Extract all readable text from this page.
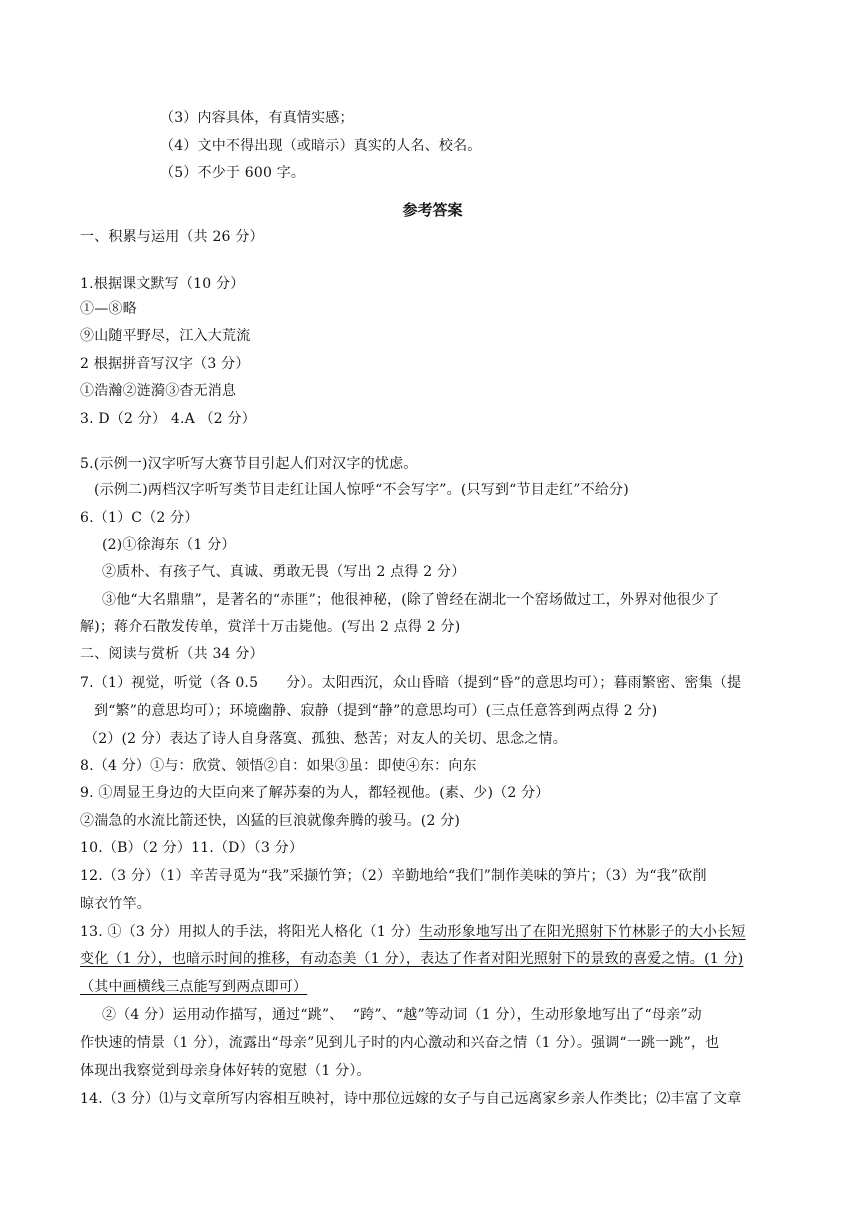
（3）内容具体，有真情实感；
（4）文中不得出现（或暗示）真实的人名、校名。
（5）不少于 600 字。
参考答案
一、积累与运用（共 26 分）
1.根据课文默写（10 分）
①—⑧略
⑨山随平野尽，江入大荒流
2 根据拼音写汉字（3 分）
①浩瀚②涟漪③杳无消息
3. D（2 分） 4.A （2 分）
5.(示例一)汉字听写大赛节目引起人们对汉字的忧虑。
(示例二)两档汉字听写类节目走红让国人惊呼“不会写字”。(只写到“节目走红”不给分)
6.（1）C（2 分）
(2)①徐海东（1 分）
②质朴、有孩子气、真诚、勇敢无畏（写出 2 点得 2 分）
③他“大名鼎鼎”，是著名的“赤匪”；他很神秘，(除了曾经在湖北一个窑场做过工，外界对他很少了
解)；蒋介石散发传单，赏洋十万击毙他。(写出 2 点得 2 分)
二、阅读与赏析（共 34 分）
7.（1）视觉，听觉（各 0.5      分）。太阳西沉，众山昏暗（提到“昏”的意思均可）；暮雨繁密、密集（提
到“繁”的意思均可）；环境幽静、寂静（提到“静”的意思均可）(三点任意答到两点得 2 分)
（2）(2 分）表达了诗人自身落寞、孤独、愁苦；对友人的关切、思念之情。
8.（4 分）①与：欣赏、领悟②自：如果③虽：即使④东：向东
9. ①周显王身边的大臣向来了解苏秦的为人，都轻视他。(素、少)（2 分）
②湍急的水流比箭还快，凶猛的巨浪就像奔腾的骏马。(2 分)
10.（B）（2 分）11.（D）（3 分）
12.（3 分）（1）辛苦寻觅为“我”采撷竹笋；（2）辛勤地给“我们”制作美味的笋片；（3）为“我”砍削
晾衣竹竿。
13. ①（3 分）用拟人的手法，将阳光人格化（1 分）生动形象地写出了在阳光照射下竹林影子的大小长短
变化（1 分），也暗示时间的推移，有动态美（1 分），表达了作者对阳光照射下的景致的喜爱之情。(1 分)
（其中画横线三点能写到两点即可）
②（4 分）运用动作描写，通过“跳”、  “跨”、“越”等动词（1 分），生动形象地写出了“母亲”动
作快速的情景（1 分），流露出“母亲”见到儿子时的内心激动和兴奋之情（1 分）。强调“一跳一跳”，也
体现出我察觉到母亲身体好转的宽慰（1 分）。
14.（3 分）⑴与文章所写内容相互映衬，诗中那位远嫁的女子与自己远离家乡亲人作类比；⑵丰富了文章
